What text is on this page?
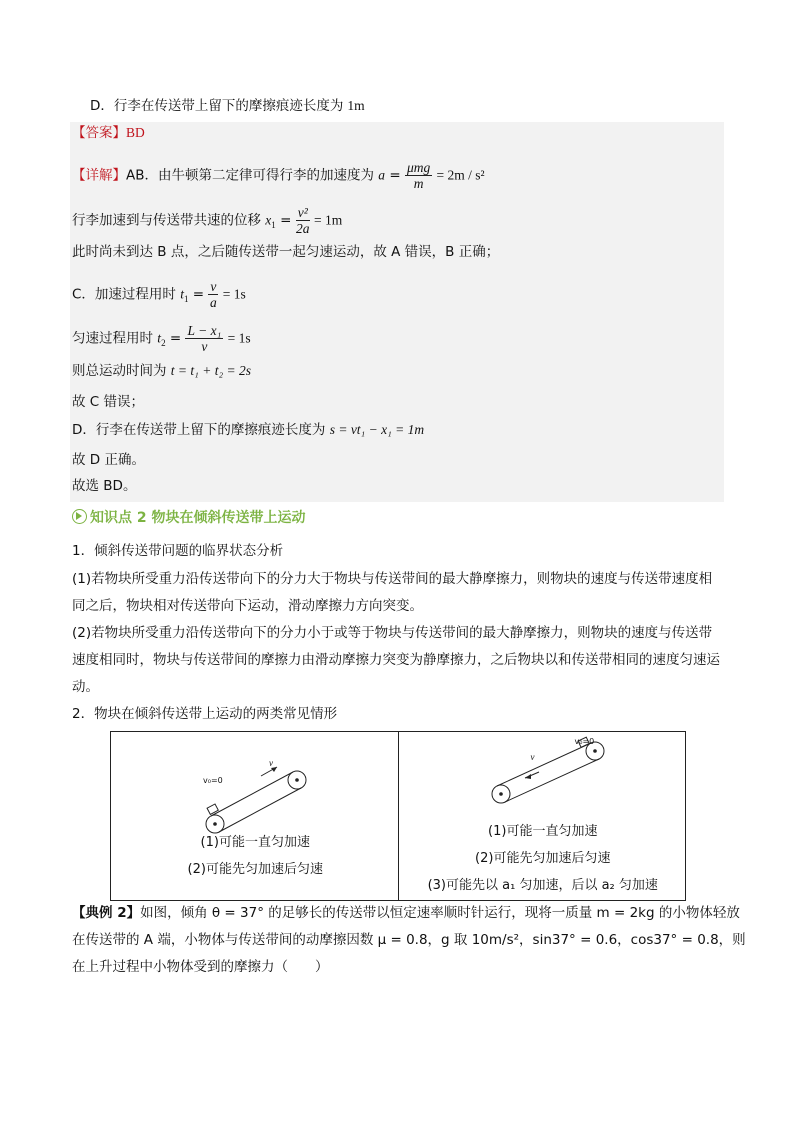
D．行李在传送带上留下的摩擦痕迹长度为 1m
【答案】BD
【详解】AB．由牛顿第二定律可得行李的加速度为 $a = \frac{\text{μmg}}{m} = 2m / s^2$
行李加速到与传送带共速的位移 $x_1 = \frac{\text{v²}}{2a} = 1m$
此时尚未到达 B 点，之后随传送带一起匀速运动，故 A 错误，B 正确；
C．加速过程用时 $t_1 = \frac{v}{a} = 1s$
匀速过程用时 $t_2 = \frac{\text{L − x₁}}{v} = 1s$
则总运动时间为 t = t₁ + t₂ = 2s
故 C 错误；
D．行李在传送带上留下的摩擦痕迹长度为 s = vt₁ − x₁ = 1m
故 D 正确。
故选 BD。
知识点 2 物块在倾斜传送带上运动
1．倾斜传送带问题的临界状态分析
(1)若物块所受重力沿传送带向下的分力大于物块与传送带间的最大静摩擦力，则物块的速度与传送带速度相同之后，物块相对传送带向下运动，滑动摩擦力方向突变。
(2)若物块所受重力沿传送带向下的分力小于或等于物块与传送带间的最大静摩擦力，则物块的速度与传送带速度相同时，物块与传送带间的摩擦力由滑动摩擦力突变为静摩擦力，之后物块以和传送带相同的速度匀速运动。
2．物块在倾斜传送带上运动的两类常见情形
v₀=0
v
(1)可能一直匀加速
(2)可能先匀加速后匀速

v₀=0
v
(1)可能一直匀加速
(2)可能先匀加速后匀速
(3)可能先以 a₁ 匀加速，后以 a₂ 匀加速
【典例 2】如图，倾角 θ = 37° 的足够长的传送带以恒定速率顺时针运行，现将一质量 m = 2kg 的小物体轻放
在传送带的 A 端，小物体与传送带间的动摩擦因数 μ = 0.8，g 取 10m/s²，sin37° = 0.6，cos37° = 0.8，则
在上升过程中小物体受到的摩擦力（　　）
